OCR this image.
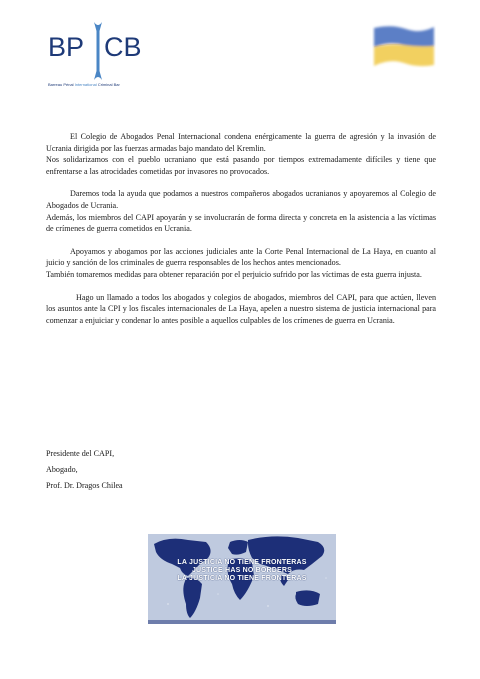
BP CB
Barreau Pénal International Criminal Bar

El Colegio de Abogados Penal Internacional condena enérgicamente la guerra de agresión y la invasión de Ucrania dirigida por las fuerzas armadas bajo mandato del Kremlin.

Nos solidarizamos con el pueblo ucraniano que está pasando por tiempos extremadamente difíciles y tiene que enfrentarse a las atrocidades cometidas por invasores no provocados.

Daremos toda la ayuda que podamos a nuestros compañeros abogados ucranianos y apoyaremos al Colegio de Abogados de Ucrania.

Además, los miembros del CAPI apoyarán y se involucrarán de forma directa y concreta en la asistencia a las víctimas de crímenes de guerra cometidos en Ucrania.

Apoyamos y abogamos por las acciones judiciales ante la Corte Penal Internacional de La Haya, en cuanto al juicio y sanción de los criminales de guerra responsables de los hechos antes mencionados.

También tomaremos medidas para obtener reparación por el perjuicio sufrido por las víctimas de esta guerra injusta.

Hago un llamado a todos los abogados y colegios de abogados, miembros del CAPI, para que actúen, lleven los asuntos ante la CPI y los fiscales internacionales de La Haya, apelen a nuestro sistema de justicia internacional para comenzar a enjuiciar y condenar lo antes posible a aquellos culpables de los crímenes de guerra en Ucrania.

Presidente del CAPI,

Abogado,

Prof. Dr. Dragos Chilea

LA JUSTICIA NO TIENE FRONTERAS
JUSTICE HAS NO BORDERS
LA JUSTICIA NO TIENE FRONTERAS
